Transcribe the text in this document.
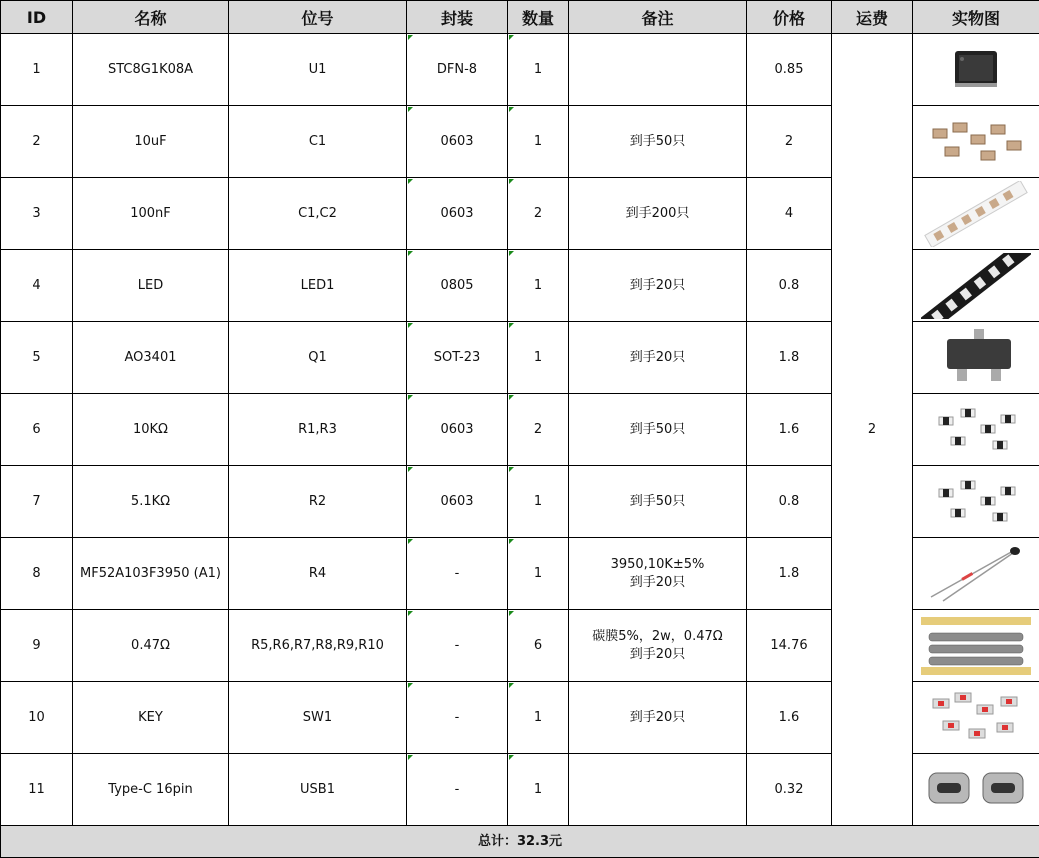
ID	名称	位号	封装	数量	备注	价格	运费	实物图
1	STC8G1K08A	U1	DFN-8	1		0.85	2	

2	10uF	C1	0603	1	到手50只	2	

3	100nF	C1,C2	0603	2	到手200只	4	

4	LED	LED1	0805	1	到手20只	0.8	

5	AO3401	Q1	SOT-23	1	到手20只	1.8	

6	10KΩ	R1,R3	0603	2	到手50只	1.6	

7	5.1KΩ	R2	0603	1	到手50只	0.8	

8	MF52A103F3950 (A1)	R4	-	1	3950,10K±5%
到手20只	1.8	

9	0.47Ω	R5,R6,R7,R8,R9,R10	-	6	碳膜5%，2w，0.47Ω
到手20只	14.76	

10	KEY	SW1	-	1	到手20只	1.6	

11	Type-C 16pin	USB1	-	1		0.32	

总计：32.3元								
